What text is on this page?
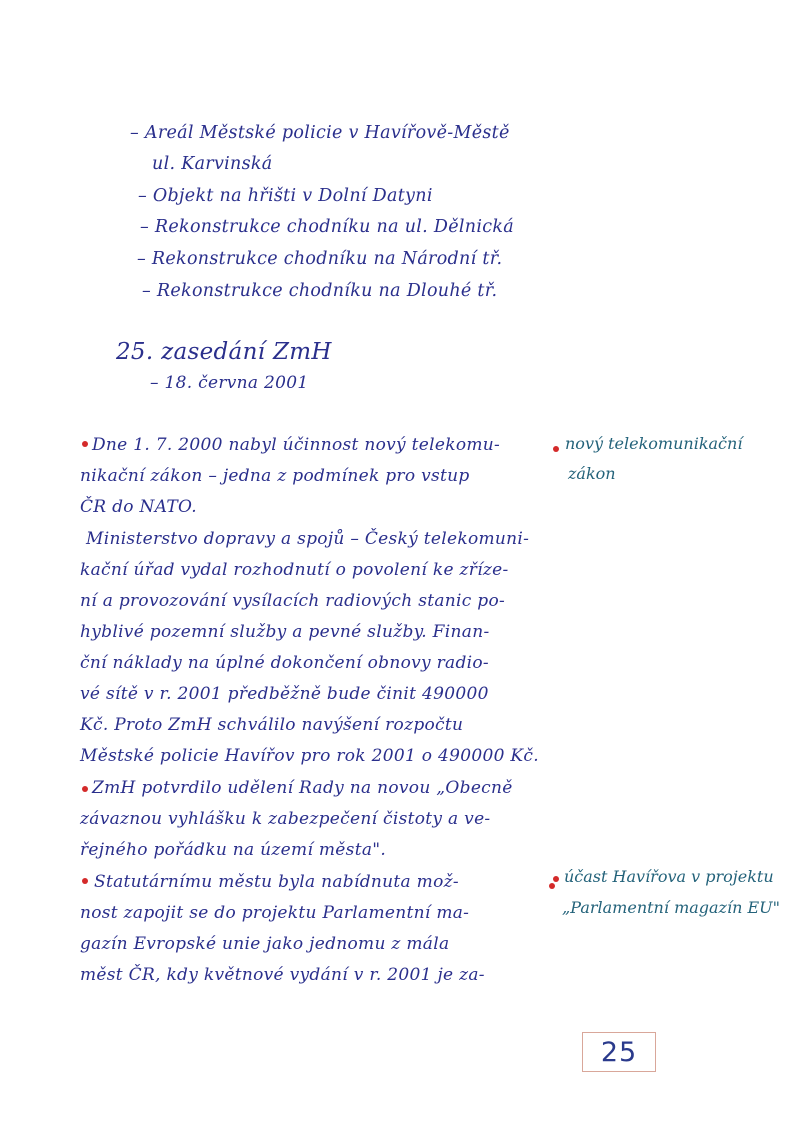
– Areál Městské policie v Havířově-Městě
ul. Karvinská
– Objekt na hřišti v Dolní Datyni
– Rekonstrukce chodníku na ul. Dělnická
– Rekonstrukce chodníku na Národní tř.
– Rekonstrukce chodníku na Dlouhé tř.
25. zasedání ZmH
– 18. června 2001
Dne 1. 7. 2000 nabyl účinnost nový telekomu-
nikační zákon – jedna z podmínek pro vstup
ČR do NATO.
Ministerstvo dopravy a spojů – Český telekomuni-
kační úřad vydal rozhodnutí o povolení ke zříze-
ní a provozování vysílacích radiových stanic po-
hyblivé pozemní služby a pevné služby. Finan-
ční náklady na úplné dokončení obnovy radio-
vé sítě v r. 2001 předběžně bude činit 490000
Kč. Proto ZmH schválilo navýšení rozpočtu
Městské policie Havířov pro rok 2001 o 490000 Kč.
ZmH potvrdilo udělení Rady na novou „Obecně
závaznou vyhlášku k zabezpečení čistoty a ve-
řejného pořádku na území města".
Statutárnímu městu byla nabídnuta mož-
nost zapojit se do projektu Parlamentní ma-
gazín Evropské unie jako jednomu z mála
měst ČR, kdy květnové vydání v r. 2001 je za-
nový telekomunikační
zákon
účast Havířova v projektu
„Parlamentní magazín EU"
25
